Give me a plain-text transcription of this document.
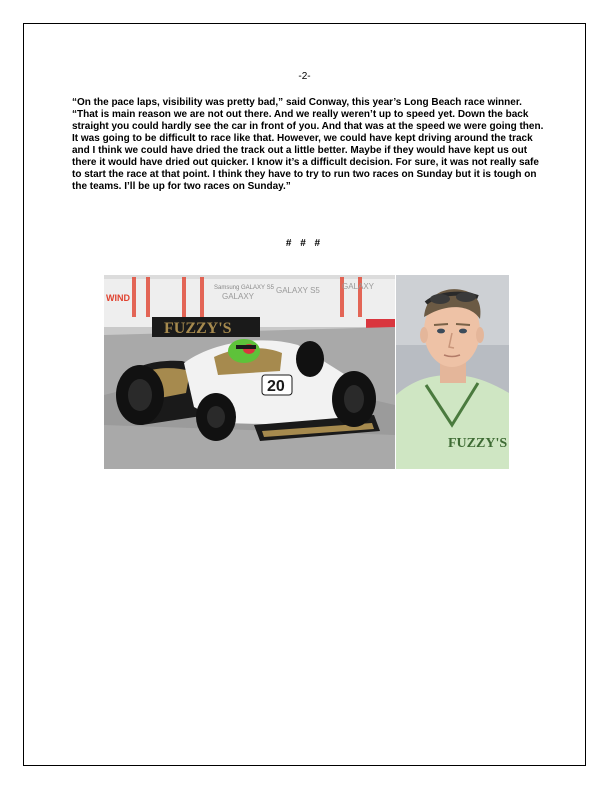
-2-

“On the pace laps, visibility was pretty bad,” said Conway, this year’s Long Beach race winner. “That is main reason we are not out there. And we really weren’t up to speed yet. Down the back straight you could hardly see the car in front of you. And that was at the speed we were going then. It was going to be difficult to race like that. However, we could have kept driving around the track and I think we could have dried the track out a little better. Maybe if they would have kept us out there it would have dried out quicker. I know it’s a difficult decision. For sure, it was not really safe to start the race at that point. I think they have to try to run two races on Sunday but it is tough on the teams. I’ll be up for two races on Sunday.”

# # #
WIND
Samsung GALAXY S5
GALAXY
GALAXY S5	GALAXY
FUZZY'S
20
FUZZY'S
